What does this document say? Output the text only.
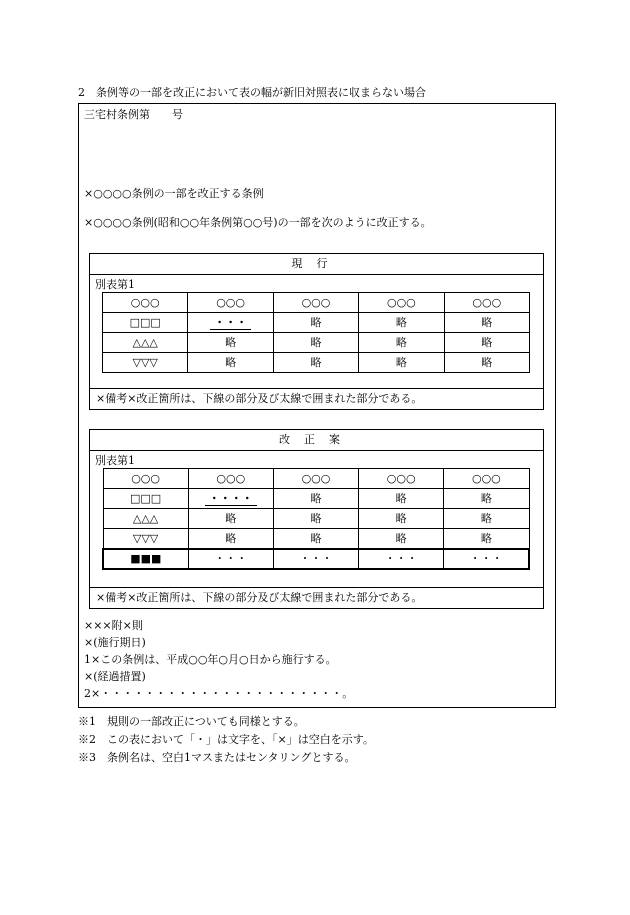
2　条例等の一部を改正において表の幅が新旧対照表に収まらない場合
三宅村条例第　　号
×○○○○条例の一部を改正する条例
×○○○○条例(昭和○○年条例第○○号)の一部を次のように改正する。
現行
別表第1
○○○	○○○	○○○	○○○	○○○
□□□	・・・	略	略	略
△△△	略	略	略	略
▽▽▽	略	略	略	略
×備考×改正箇所は、下線の部分及び太線で囲まれた部分である。
改正案
別表第1
○○○	○○○	○○○	○○○	○○○
□□□	・・・・	略	略	略
△△△	略	略	略	略
▽▽▽	略	略	略	略
■■■	・・・	・・・	・・・	・・・
×備考×改正箇所は、下線の部分及び太線で囲まれた部分である。
×××附×則
×(施行期日)
1×この条例は、平成○○年○月○日から施行する。
×(経過措置)
2×・・・・・・・・・・・・・・・・・・・・・・。
※1　規則の一部改正についても同様とする。
※2　この表において「・」は文字を、「×」は空白を示す。
※3　条例名は、空白1マスまたはセンタリングとする。
